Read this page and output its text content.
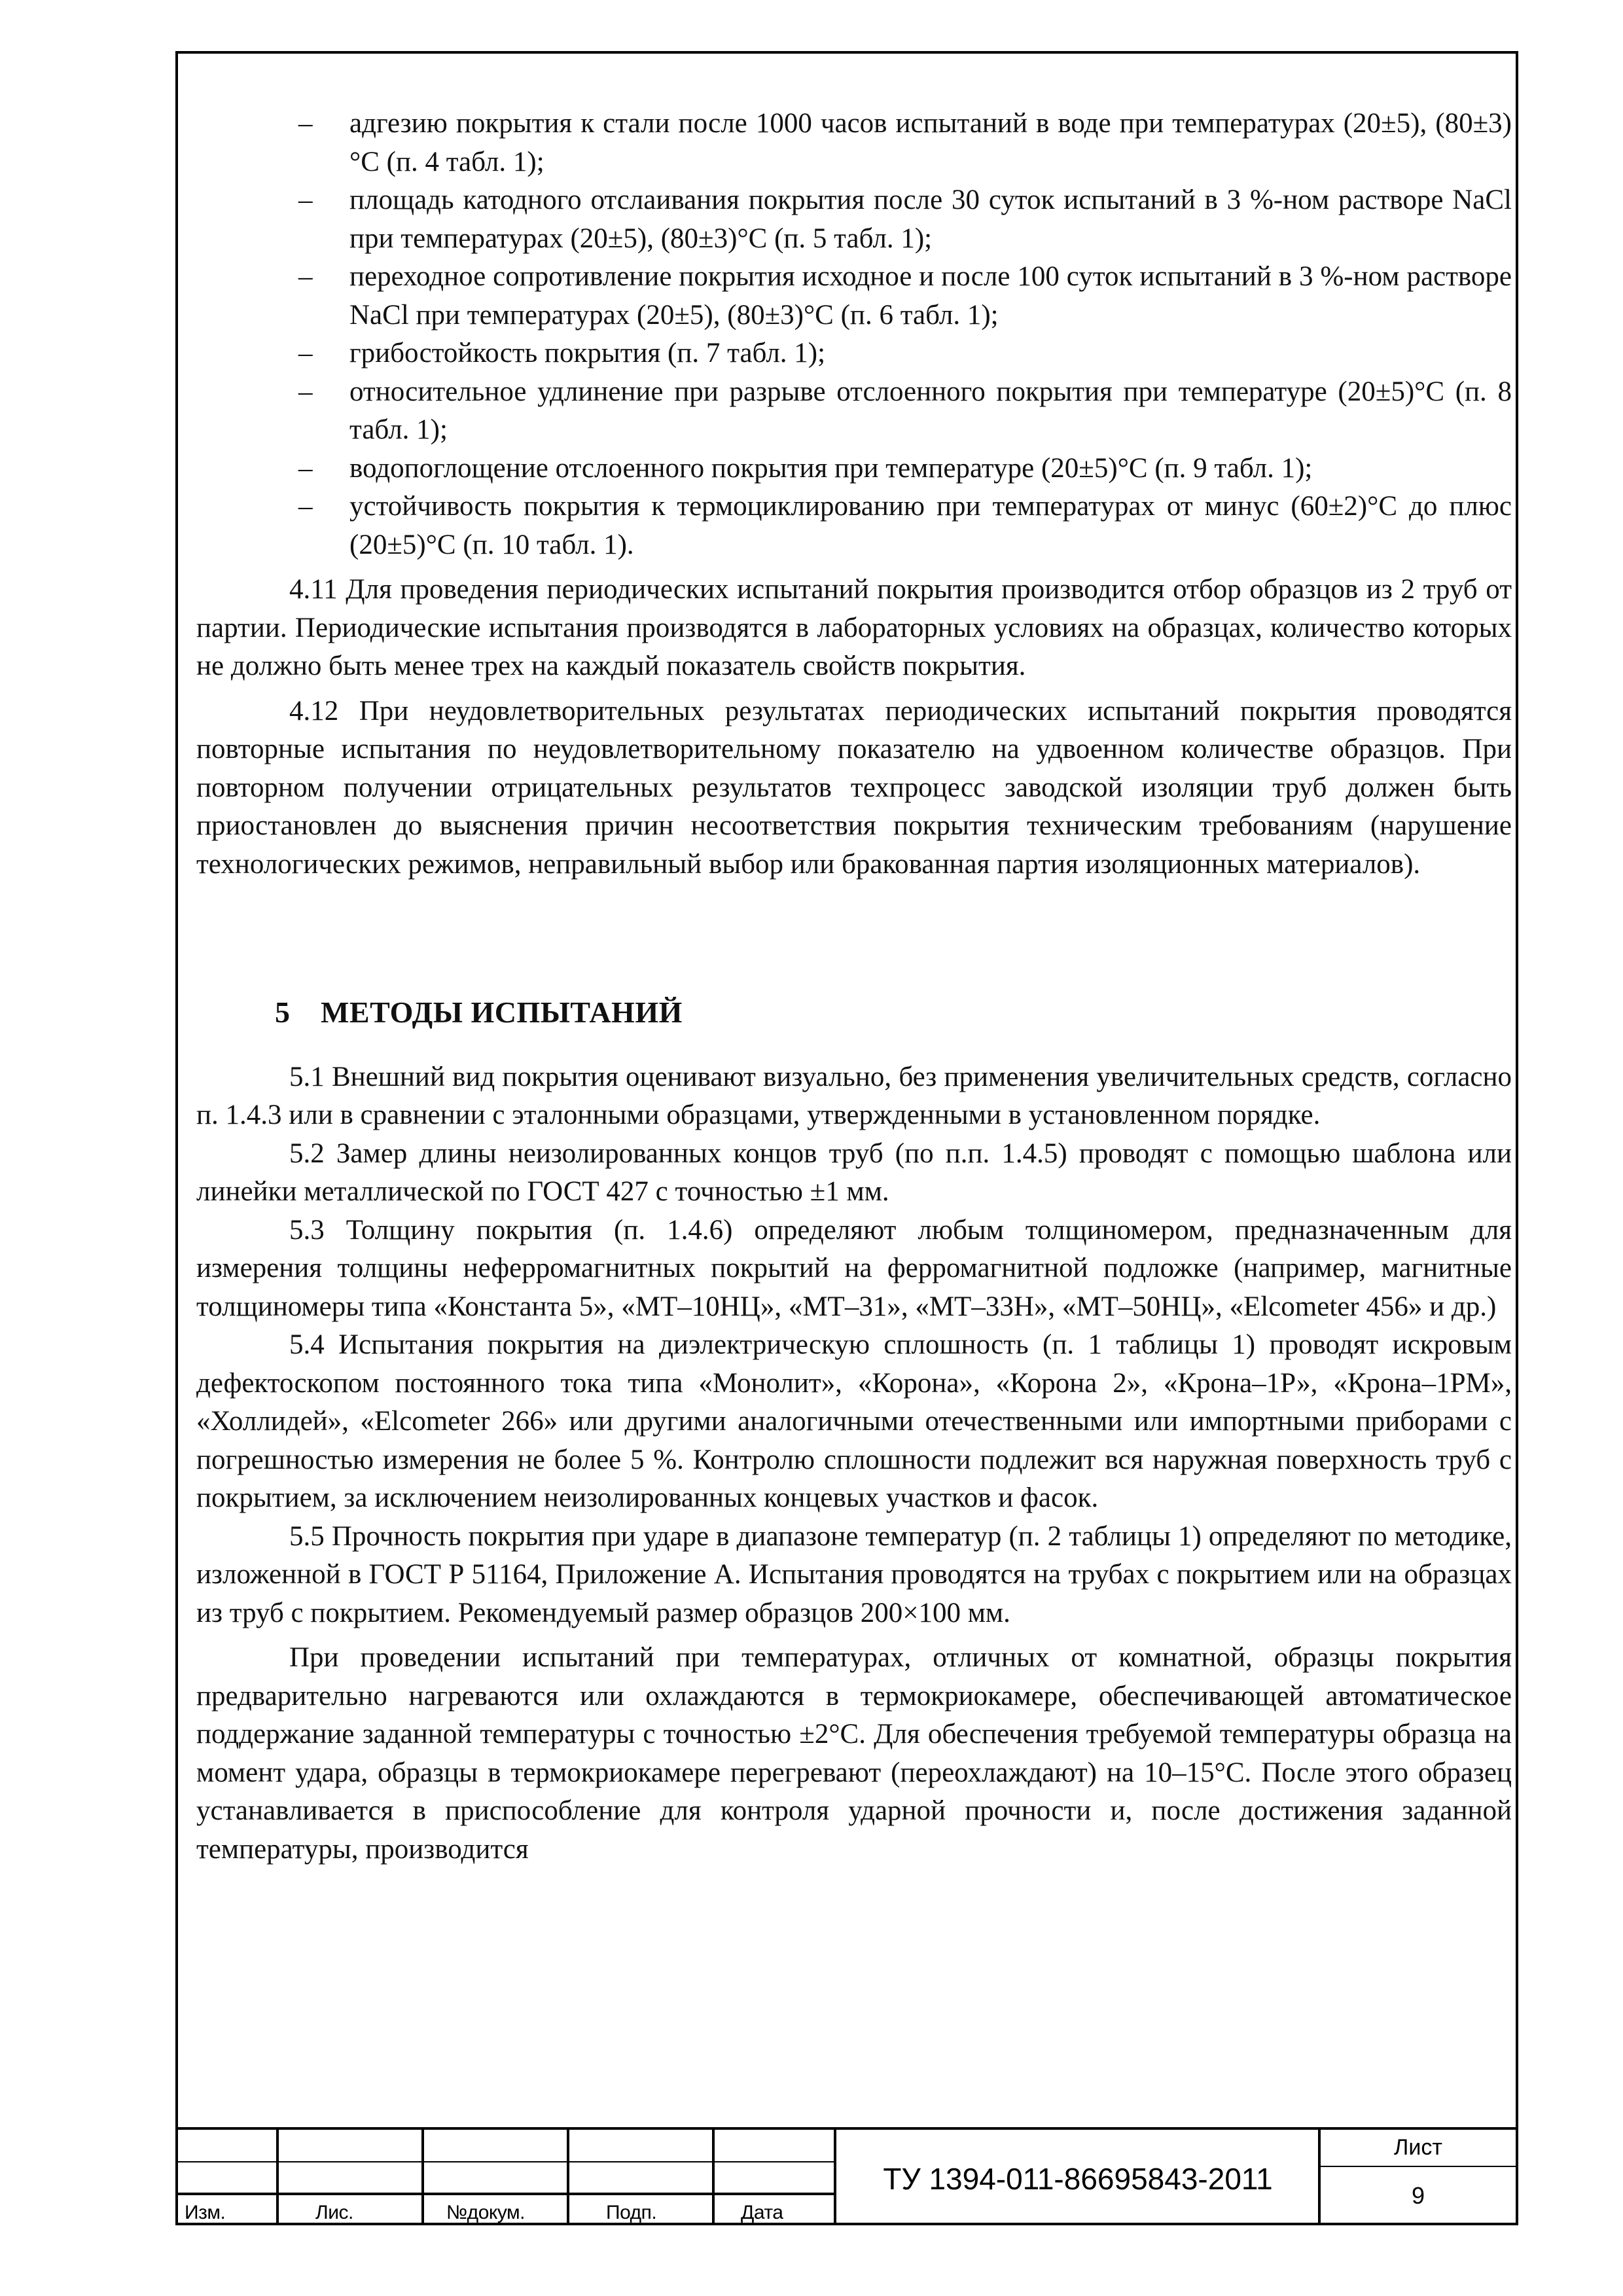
– адгезию покрытия к стали после 1000 часов испытаний в воде при температурах (20±5), (80±3)°C (п. 4 табл. 1);
– площадь катодного отслаивания покрытия после 30 суток испытаний в 3 %-ном растворе NaCl при температурах (20±5), (80±3)°C (п. 5 табл. 1);
– переходное сопротивление покрытия исходное и после 100 суток испытаний в 3 %-ном растворе NaCl при температурах (20±5), (80±3)°C (п. 6 табл. 1);
– грибостойкость покрытия (п. 7 табл. 1);
– относительное удлинение при разрыве отслоенного покрытия при температуре (20±5)°C (п. 8 табл. 1);
– водопоглощение отслоенного покрытия при температуре (20±5)°C (п. 9 табл. 1);
– устойчивость покрытия к термоциклированию при температурах от минус (60±2)°C до плюс (20±5)°C (п. 10 табл. 1).

4.11 Для проведения периодических испытаний покрытия производится отбор образцов из 2 труб от партии. Периодические испытания производятся в лабораторных условиях на образцах, количество которых не должно быть менее трех на каждый показатель свойств покрытия.

4.12 При неудовлетворительных результатах периодических испытаний покрытия проводятся повторные испытания по неудовлетворительному показателю на удвоенном количестве образцов. При повторном получении отрицательных результатов техпроцесс заводской изоляции труб должен быть приостановлен до выяснения причин несоответствия покрытия техническим требованиям (нарушение технологических режимов, неправильный выбор или бракованная партия изоляционных материалов).

5 МЕТОДЫ ИСПЫТАНИЙ

5.1 Внешний вид покрытия оценивают визуально, без применения увеличительных средств, согласно п. 1.4.3 или в сравнении с эталонными образцами, утвержденными в установленном порядке.

5.2 Замер длины неизолированных концов труб (по п.п. 1.4.5) проводят с помощью шаблона или линейки металлической по ГОСТ 427 с точностью ±1 мм.

5.3 Толщину покрытия (п. 1.4.6) определяют любым толщиномером, предназначенным для измерения толщины неферромагнитных покрытий на ферромагнитной подложке (например, магнитные толщиномеры типа «Константа 5», «МТ–10НЦ», «МТ–31», «МТ–33Н», «МТ–50НЦ», «Elcometer 456» и др.)

5.4 Испытания покрытия на диэлектрическую сплошность (п. 1 таблицы 1) проводят искровым дефектоскопом постоянного тока типа «Монолит», «Корона», «Корона 2», «Крона–1Р», «Крона–1РМ», «Холлидей», «Elcometer 266» или другими аналогичными отечественными или импортными приборами с погрешностью измерения не более 5 %. Контролю сплошности подлежит вся наружная поверхность труб с покрытием, за исключением неизолированных концевых участков и фасок.

5.5 Прочность покрытия при ударе в диапазоне температур (п. 2 таблицы 1) определяют по методике, изложенной в ГОСТ Р 51164, Приложение А. Испытания проводятся на трубах с покрытием или на образцах из труб с покрытием. Рекомендуемый размер образцов 200×100 мм.

При проведении испытаний при температурах, отличных от комнатной, образцы покрытия предварительно нагреваются или охлаждаются в термокриокамере, обеспечивающей автоматическое поддержание заданной температуры с точностью ±2°С. Для обеспечения требуемой температуры образца на момент удара, образцы в термокриокамере перегревают (переохлаждают) на 10–15°С. После этого образец устанавливается в приспособление для контроля ударной прочности и, после достижения заданной температуры, производится

Изм.	Лис.	№докум.	Подп.	Дата
ТУ 1394-011-86695843-2011
Лист
9
